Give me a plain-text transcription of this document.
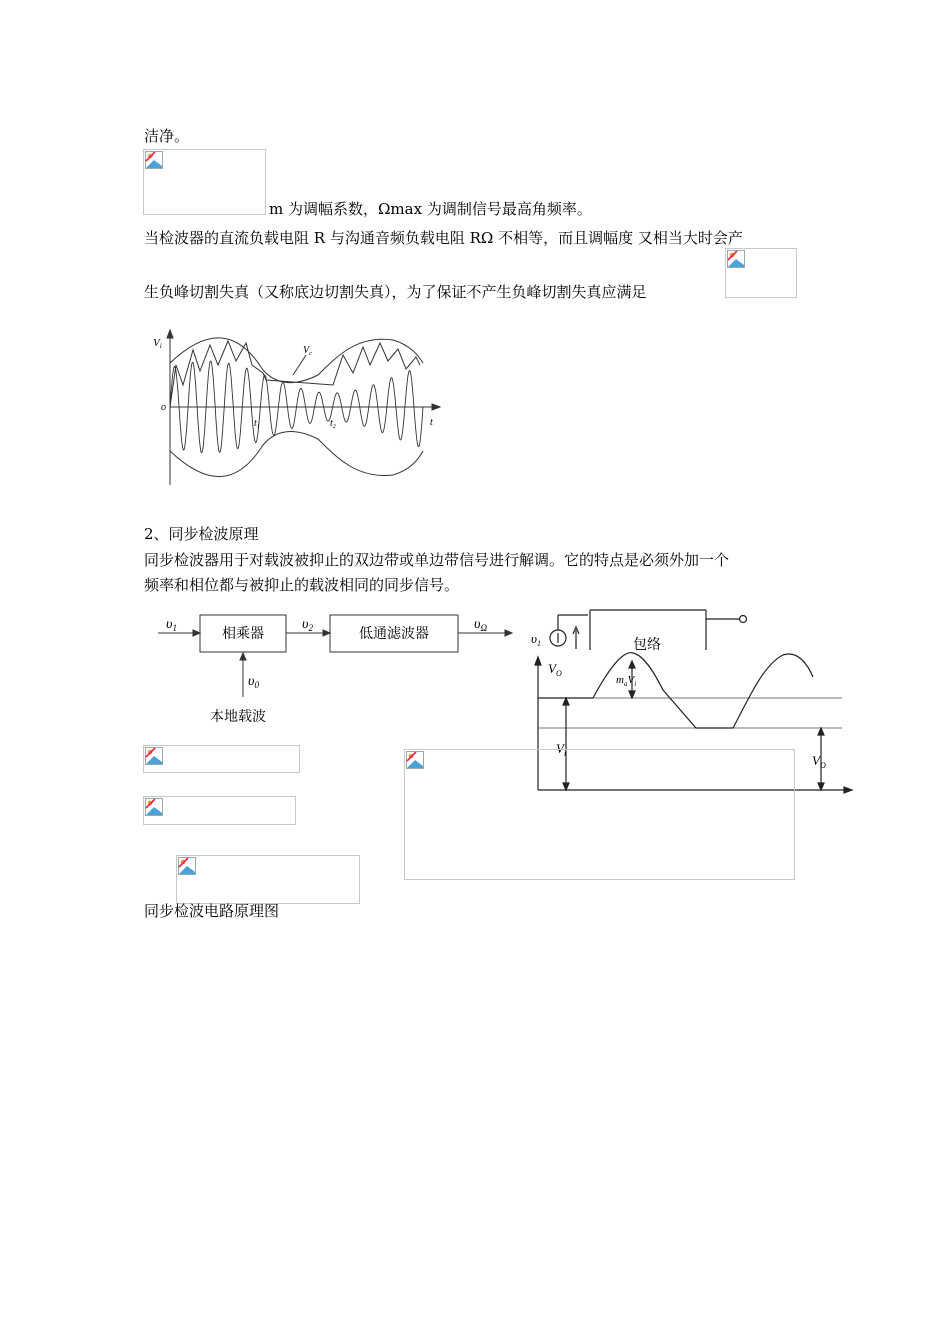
洁净。
m 为调幅系数，Ωmax 为调制信号最高角频率。
当检波器的直流负载电阻 R 与沟通音频负载电阻 RΩ 不相等，而且调幅度 又相当大时会产
生负峰切割失真（又称底边切割失真），为了保证不产生负峰切割失真应满足
Vi	$V_c$
o
t
$t_1$	$t_2$
2、同步检波原理
同步检波器用于对载波被抑止的双边带或单边带信号进行解调。它的特点是必须外加一个
频率和相位都与被抑止的载波相同的同步信号。
$\upsilon_1$	相乘器
$\upsilon_2$	低通滤波器
$\upsilon_\Omega$
$\upsilon_0$
本地载波
$\upsilon_1$	包络
$V_O$
$m_aV_i$
$V_i$	$V_O$
同步检波电路原理图
